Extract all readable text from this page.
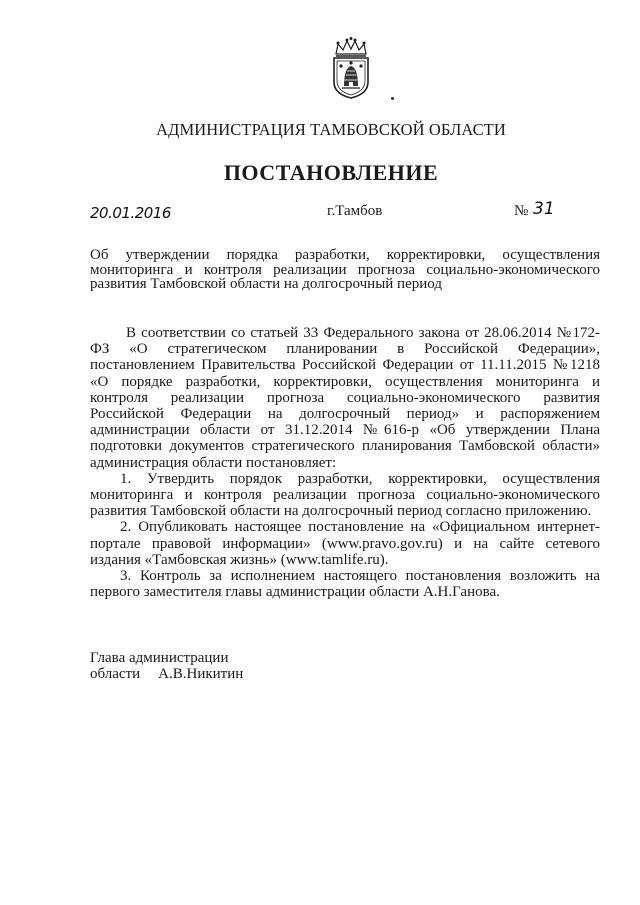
АДМИНИСТРАЦИЯ ТАМБОВСКОЙ ОБЛАСТИ
ПОСТАНОВЛЕНИЕ
20.01.2016	г.Тамбов	№ 31
Об утверждении порядка разработки, корректировки, осуществления мониторинга и контроля реализации прогноза социально-экономического развития Тамбовской области на долгосрочный период

В соответствии со статьей 33 Федерального закона от 28.06.2014 №172-ФЗ «О стратегическом планировании в Российской Федерации», постановлением Правительства Российской Федерации от 11.11.2015 №1218 «О порядке разработки, корректировки, осуществления мониторинга и контроля реализации прогноза социально-экономического развития Российской Федерации на долгосрочный период» и распоряжением администрации области от 31.12.2014 №616-р «Об утверждении Плана подготовки документов стратегического планирования Тамбовской области» администрация области постановляет:

1. Утвердить порядок разработки, корректировки, осуществления мониторинга и контроля реализации прогноза социально-экономического развития Тамбовской области на долгосрочный период согласно приложению.

2. Опубликовать настоящее постановление на «Официальном интернет-портале правовой информации» (www.pravo.gov.ru) и на сайте сетевого издания «Тамбовская жизнь» (www.tamlife.ru).

3. Контроль за исполнением настоящего постановления возложить на первого заместителя главы администрации области А.Н.Ганова.

Глава администрации
области А.В.Никитин
